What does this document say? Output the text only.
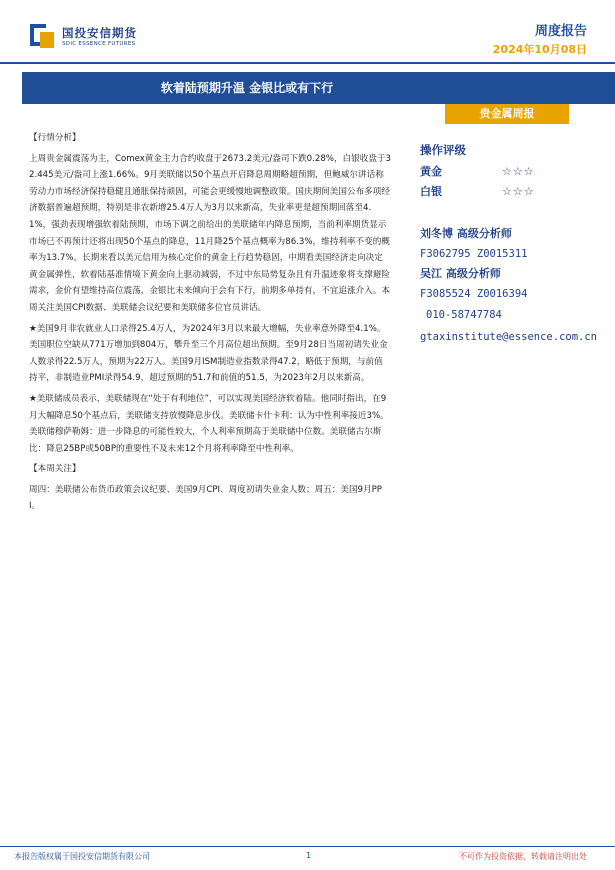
国投安信期货
SDIC ESSENCE FUTURES
周度报告
2024年10月08日
软着陆预期升温 金银比或有下行
贵金属周报

【行情分析】

上周贵金属震荡为主，Comex黄金主力合约收盘于2673.2美元/盎司下跌0.28%，白银收盘于32.445美元/盎司上涨1.66%。9月美联储以50个基点开启降息周期略超预期，但鲍威尔讲话称劳动力市场经济保持稳健且通胀保持顽固，可能会更缓慢地调整政策。国庆期间美国公布多项经济数据普遍超预期，特别是非农新增25.4万人为3月以来新高，失业率更是超预期回落至4.1%，强劲表现增强软着陆预期，市场下调之前给出的美联储年内降息预期，当前利率期货显示市场已不再预计还将出现50个基点的降息，11月降25个基点概率为86.3%，维持利率不变的概率为13.7%。长期来看以美元信用为核心定价的黄金上行趋势稳固，中期看美国经济走向决定黄金属弹性，软着陆基准情境下黄金向上驱动减弱，不过中东局势复杂且有升温迹象将支撑避险需求，金价有望维持高位震荡，金银比未来倾向于会有下行，前期多单持有，不宜追涨介入。本周关注美国CPI数据、美联储会议纪要和美联储多位官员讲话。

★美国9月非农就业人口录得25.4万人，为2024年3月以来最大增幅，失业率意外降至4.1%。美国职位空缺从771万增加到804万，攀升至三个月高位超出预期。至9月28日当周初请失业金人数录得22.5万人，预期为22万人。美国9月ISM制造业指数录得47.2，略低于预期，与前值持平，非制造业PMI录得54.9，超过预期的51.7和前值的51.5，为2023年2月以来新高。

★美联储成员表示，美联储现在“处于有利地位”，可以实现美国经济软着陆。他同时指出，在9月大幅降息50个基点后，美联储支持放慢降息步伐。美联储卡什卡利：认为中性利率接近3%。美联储穆萨勒姆：进一步降息的可能性较大，个人利率预期高于美联储中位数。美联储古尔斯比：降息25BP或50BP的重要性不及未来12个月将利率降至中性利率。

【本周关注】

周四：美联储公布货币政策会议纪要、美国9月CPI、周度初请失业金人数；周五：美国9月PPI。

操作评级
黄金	☆☆☆
白银	☆☆☆
刘冬博 高级分析师
F3062795 Z0015311
吴江 高级分析师
F3085524 Z0016394
010-58747784
gtaxinstitute@essence.com.cn
本报告版权属于国投安信期货有限公司	1	不可作为投资依据，转载请注明出处
